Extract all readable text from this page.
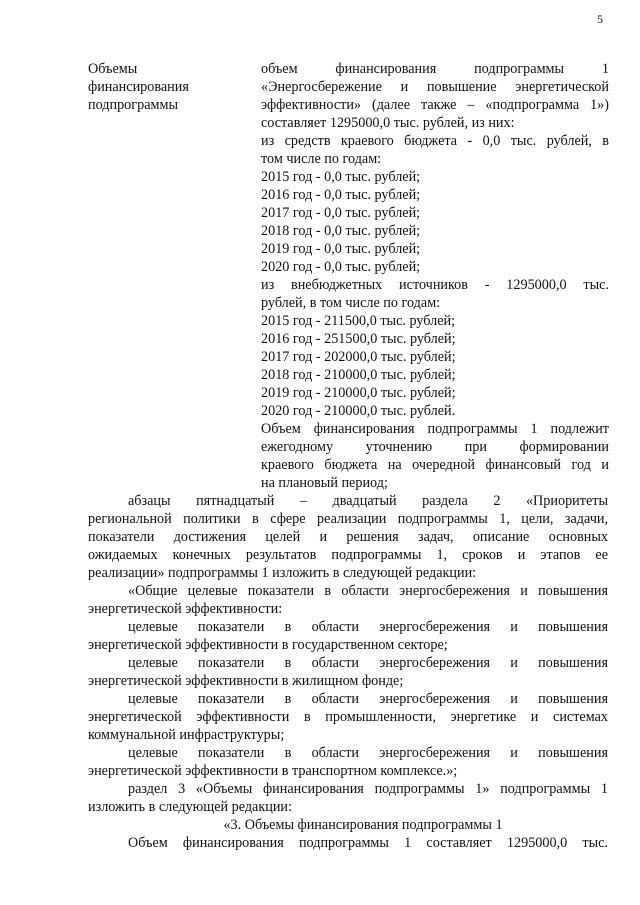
5
Объемы
финансирования
подпрограммы
объем финансирования подпрограммы 1
«Энергосбережение и повышение энергетической
эффективности» (далее также – «подпрограмма 1»)
составляет 1295000,0 тыс. рублей, из них:
из средств краевого бюджета - 0,0 тыс. рублей, в
том числе по годам:
2015 год - 0,0 тыс. рублей;
2016 год - 0,0 тыс. рублей;
2017 год - 0,0 тыс. рублей;
2018 год - 0,0 тыс. рублей;
2019 год - 0,0 тыс. рублей;
2020 год - 0,0 тыс. рублей;
из внебюджетных источников - 1295000,0 тыс.
рублей, в том числе по годам:
2015 год - 211500,0 тыс. рублей;
2016 год - 251500,0 тыс. рублей;
2017 год - 202000,0 тыс. рублей;
2018 год - 210000,0 тыс. рублей;
2019 год - 210000,0 тыс. рублей;
2020 год - 210000,0 тыс. рублей.
Объем финансирования подпрограммы 1 подлежит
ежегодному уточнению при формировании
краевого бюджета на очередной финансовый год и
на плановый период;
абзацы пятнадцатый – двадцатый раздела 2 «Приоритеты
региональной политики в сфере реализации подпрограммы 1, цели, задачи,
показатели достижения целей и решения задач, описание основных
ожидаемых конечных результатов подпрограммы 1, сроков и этапов ее
реализации» подпрограммы 1 изложить в следующей редакции:
«Общие целевые показатели в области энергосбережения и повышения
энергетической эффективности:
целевые показатели в области энергосбережения и повышения
энергетической эффективности в государственном секторе;
целевые показатели в области энергосбережения и повышения
энергетической эффективности в жилищном фонде;
целевые показатели в области энергосбережения и повышения
энергетической эффективности в промышленности, энергетике и системах
коммунальной инфраструктуры;
целевые показатели в области энергосбережения и повышения
энергетической эффективности в транспортном комплексе.»;
раздел 3 «Объемы финансирования подпрограммы 1» подпрограммы 1
изложить в следующей редакции:
«3. Объемы финансирования подпрограммы 1
Объем финансирования подпрограммы 1 составляет 1295000,0 тыс.
